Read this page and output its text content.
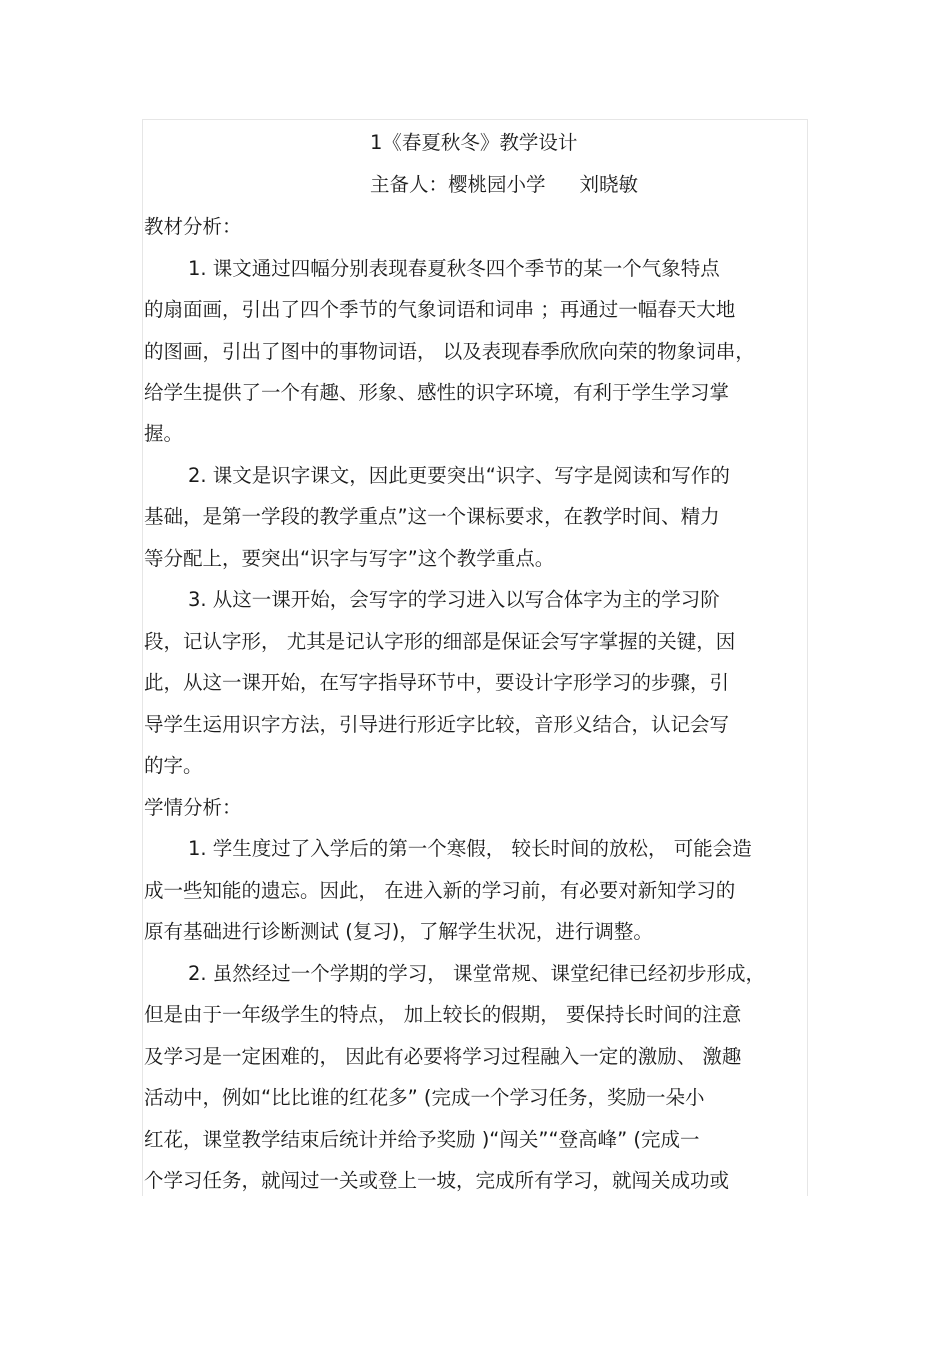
1《春夏秋冬》教学设计
主备人：樱桃园小学 刘晓敏
教材分析：
1. 课文通过四幅分别表现春夏秋冬四个季节的某一个气象特点
的扇面画，引出了四个季节的气象词语和词串 ；再通过一幅春天大地
的图画，引出了图中的事物词语， 以及表现春季欣欣向荣的物象词串，
给学生提供了一个有趣、形象、感性的识字环境，有利于学生学习掌
握。
2. 课文是识字课文，因此更要突出“识字、写字是阅读和写作的
基础，是第一学段的教学重点”这一个课标要求，在教学时间、精力
等分配上，要突出“识字与写字”这个教学重点。
3. 从这一课开始，会写字的学习进入以写合体字为主的学习阶
段，记认字形， 尤其是记认字形的细部是保证会写字掌握的关键，因
此，从这一课开始，在写字指导环节中，要设计字形学习的步骤，引
导学生运用识字方法，引导进行形近字比较，音形义结合，认记会写
的字。
学情分析：
1. 学生度过了入学后的第一个寒假， 较长时间的放松， 可能会造
成一些知能的遗忘。因此， 在进入新的学习前，有必要对新知学习的
原有基础进行诊断测试 (复习)，了解学生状况，进行调整。
2. 虽然经过一个学期的学习， 课堂常规、课堂纪律已经初步形成，
但是由于一年级学生的特点， 加上较长的假期， 要保持长时间的注意
及学习是一定困难的， 因此有必要将学习过程融入一定的激励、 激趣
活动中，例如“比比谁的红花多” (完成一个学习任务，奖励一朵小
红花，课堂教学结束后统计并给予奖励 )“闯关”“登高峰” (完成一
个学习任务，就闯过一关或登上一坡，完成所有学习，就闯关成功或
